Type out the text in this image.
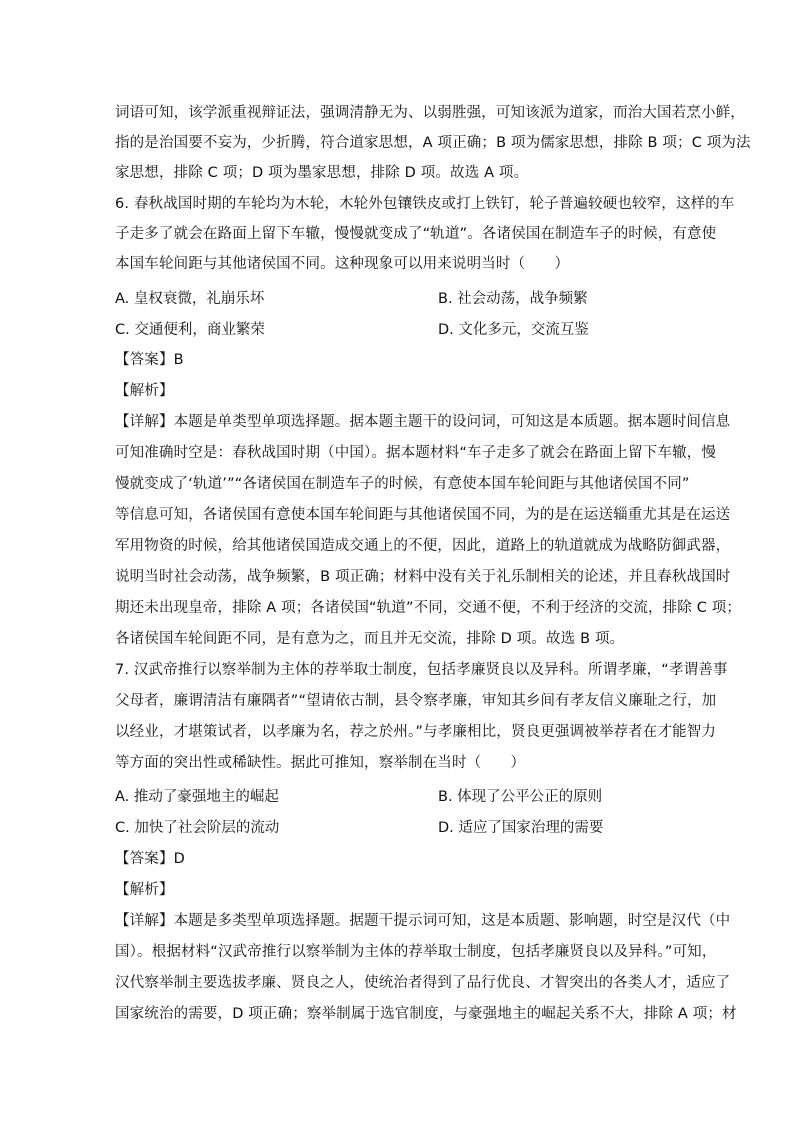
词语可知，该学派重视辩证法，强调清静无为、以弱胜强，可知该派为道家，而治大国若烹小鲜，
指的是治国要不妄为，少折腾，符合道家思想，A 项正确；B 项为儒家思想，排除 B 项；C 项为法
家思想，排除 C 项；D 项为墨家思想，排除 D 项。故选 A 项。
6. 春秋战国时期的车轮均为木轮，木轮外包镶铁皮或打上铁钉，轮子普遍较硬也较窄，这样的车
子走多了就会在路面上留下车辙，慢慢就变成了“轨道”。各诸侯国在制造车子的时候，有意使
本国车轮间距与其他诸侯国不同。这种现象可以用来说明当时（　　）
A. 皇权衰微，礼崩乐坏	B. 社会动荡，战争频繁
C. 交通便利，商业繁荣	D. 文化多元，交流互鉴
【答案】B
【解析】
【详解】本题是单类型单项选择题。据本题主题干的设问词，可知这是本质题。据本题时间信息
可知准确时空是：春秋战国时期（中国）。据本题材料“车子走多了就会在路面上留下车辙，慢
慢就变成了‘轨道’”“各诸侯国在制造车子的时候，有意使本国车轮间距与其他诸侯国不同”
等信息可知，各诸侯国有意使本国车轮间距与其他诸侯国不同，为的是在运送辎重尤其是在运送
军用物资的时候，给其他诸侯国造成交通上的不便，因此，道路上的轨道就成为战略防御武器，
说明当时社会动荡，战争频繁，B 项正确；材料中没有关于礼乐制相关的论述，并且春秋战国时
期还未出现皇帝，排除 A 项；各诸侯国“轨道”不同，交通不便，不利于经济的交流，排除 C 项；
各诸侯国车轮间距不同，是有意为之，而且并无交流，排除 D 项。故选 B 项。
7. 汉武帝推行以察举制为主体的荐举取士制度，包括孝廉贤良以及异科。所谓孝廉，“孝谓善事
父母者，廉谓清洁有廉隅者”“望请依古制，县令察孝廉，审知其乡间有孝友信义廉耻之行，加
以经业，才堪策试者，以孝廉为名，荐之於州。”与孝廉相比，贤良更强调被举荐者在才能智力
等方面的突出性或稀缺性。据此可推知，察举制在当时（　　）
A. 推动了豪强地主的崛起	B. 体现了公平公正的原则
C. 加快了社会阶层的流动	D. 适应了国家治理的需要
【答案】D
【解析】
【详解】本题是多类型单项选择题。据题干提示词可知，这是本质题、影响题，时空是汉代（中
国）。根据材料“汉武帝推行以察举制为主体的荐举取士制度，包括孝廉贤良以及异科。”可知，
汉代察举制主要选拔孝廉、贤良之人，使统治者得到了品行优良、才智突出的各类人才，适应了
国家统治的需要，D 项正确；察举制属于选官制度，与豪强地主的崛起关系不大，排除 A 项；材
